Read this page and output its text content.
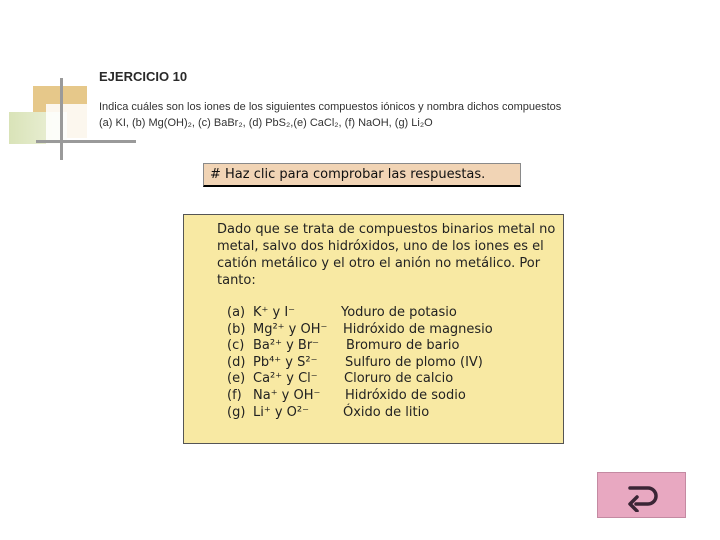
EJERCICIO 10
Indica cuáles son los iones de los siguientes compuestos iónicos y nombra dichos compuestos
(a) KI, (b) Mg(OH)₂, (c) BaBr₂, (d) PbS₂,(e) CaCl₂, (f) NaOH, (g) Li₂O
# Haz clic para comprobar las respuestas.
Dado que se trata de compuestos binarios metal no metal, salvo dos hidróxidos, uno de los iones es el catión metálico y el otro el anión no metálico. Por tanto:
(a) K⁺ y I⁻	Yoduro de potasio
(b) Mg²⁺ y OH⁻ Hidróxido de magnesio
(c) Ba²⁺ y Br⁻ Bromuro de bario
(d) Pb⁴⁺ y S²⁻ Sulfuro de plomo (IV)
(e) Ca²⁺ y Cl⁻ Cloruro de calcio
(f) Na⁺ y OH⁻ Hidróxido de sodio
(g) Li⁺ y O²⁻	Óxido de litio
